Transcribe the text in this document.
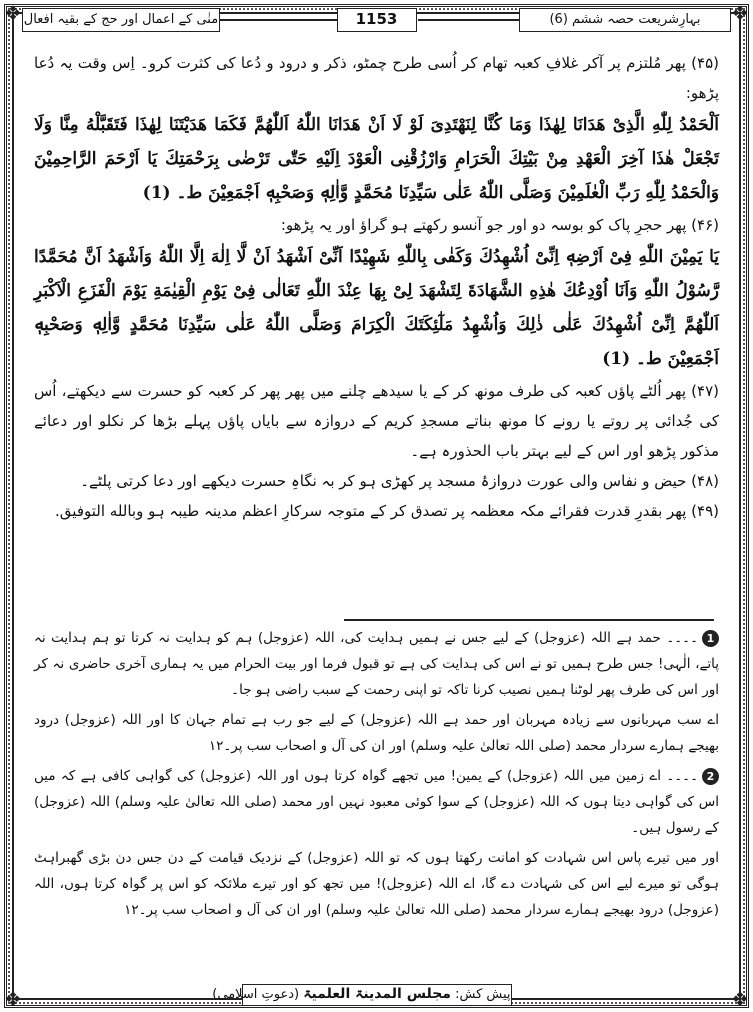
❖	❖
❖	❖
بہارِشریعت حصہ ششم (6)
1153
منٰی کے اعمال اور حج کے بقیہ افعال

(۴۵) پھر مُلتزم پر آکر غلافِ کعبہ تھام کر اُسی طرح چمٹو، ذکر و درود و دُعا کی کثرت کرو۔ اِس وقت یہ دُعا پڑھو:

اَلْحَمْدُ لِلّٰهِ الَّذِیْ هَدَانَا لِهٰذَا وَمَا كُنَّا لِنَهْتَدِیَ لَوْ لَا اَنْ هَدَانَا اللّٰهُ اَللّٰهُمَّ فَكَمَا هَدَيْتَنَا لِهٰذَا فَتَقَبَّلْهُ مِنَّا وَلَا تَجْعَلْ هٰذَا آخِرَ الْعَهْدِ مِنْ بَيْتِكَ الْحَرَامِ وَارْزُقْنِی الْعَوْدَ اِلَيْهِ حَتّٰى تَرْضٰى بِرَحْمَتِكَ يَا اَرْحَمَ الرَّاحِمِيْنَ وَالْحَمْدُ لِلّٰهِ رَبِّ الْعٰلَمِيْنَ وَصَلَّى اللّٰهُ عَلٰى سَيِّدِنَا مُحَمَّدٍ وَّاٰلِهٖ وَصَحْبِهٖ اَجْمَعِيْنَ ط۔ (1)

(۴۶) پھر حجرِ پاک کو بوسہ دو اور جو آنسو رکھتے ہو گراؤ اور یہ پڑھو:

يَا يَمِيْنَ اللّٰهِ فِیْ اَرْضِهٖ اِنِّیْ اُشْهِدُكَ وَكَفٰى بِاللّٰهِ شَهِيْدًا اَنِّیْ اَشْهَدُ اَنْ لَّا اِلٰهَ اِلَّا اللّٰهُ وَاَشْهَدُ اَنَّ مُحَمَّدًا رَّسُوْلُ اللّٰهِ وَاَنَا اُوْدِعُكَ هٰذِهِ الشَّهَادَةَ لِتَشْهَدَ لِیْ بِهَا عِنْدَ اللّٰهِ تَعَالٰى فِیْ يَوْمِ الْقِيٰمَةِ يَوْمَ الْفَزَعِ الْاَكْبَرِ اَللّٰهُمَّ اِنِّیْ اُشْهِدُكَ عَلٰى ذٰلِكَ وَاُشْهِدُ مَلٰٓئِكَتَكَ الْكِرَامَ وَصَلَّى اللّٰهُ عَلٰى سَيِّدِنَا مُحَمَّدٍ وَّاٰلِهٖ وَصَحْبِهٖ اَجْمَعِيْنَ ط۔ (1)

(۴۷) پھر اُلٹے پاؤں کعبہ کی طرف مونھ کر کے یا سیدھے چلنے میں پھر پھر کر کعبہ کو حسرت سے دیکھتے، اُس کی جُدائی پر روتے یا رونے کا مونھ بناتے مسجدِ کریم کے دروازہ سے بایاں پاؤں پہلے بڑھا کر نکلو اور دعائے مذکور پڑھو اور اس کے لیے بہتر باب الحذورہ ہے۔

(۴۸) حیض و نفاس والی عورت دروازۂ مسجد پر کھڑی ہو کر بہ نگاہِ حسرت دیکھے اور دعا کرتی پلٹے۔

(۴۹) پھر بقدرِ قدرت فقرائے مکہ معظمہ پر تصدق کر کے متوجہ سرکارِ اعظم مدینہ طیبہ ہو وبالله التوفيق.

1۔۔۔۔ حمد ہے اللہ (عزوجل) کے لیے جس نے ہمیں ہدایت کی، اللہ (عزوجل) ہم کو ہدایت نہ کرتا تو ہم ہدایت نہ پاتے، الٰہی! جس طرح ہمیں تو نے اس کی ہدایت کی ہے تو قبول فرما اور بیت الحرام میں یہ ہماری آخری حاضری نہ کر اور اس کی طرف پھر لوٹنا ہمیں نصیب کرنا تاکہ تو اپنی رحمت کے سبب راضی ہو جا۔

اے سب مہربانوں سے زیادہ مہربان اور حمد ہے اللہ (عزوجل) کے لیے جو رب ہے تمام جہان کا اور اللہ (عزوجل) درود بھیجے ہمارے سردار محمد (صلی اللہ تعالیٰ علیہ وسلم) اور ان کی آل و اصحاب سب پر۔۱۲

2۔۔۔۔ اے زمین میں اللہ (عزوجل) کے یمین! میں تجھے گواہ کرتا ہوں اور اللہ (عزوجل) کی گواہی کافی ہے کہ میں اس کی گواہی دیتا ہوں کہ اللہ (عزوجل) کے سوا کوئی معبود نہیں اور محمد (صلی اللہ تعالیٰ علیہ وسلم) اللہ (عزوجل) کے رسول ہیں۔

اور میں تیرے پاس اس شہادت کو امانت رکھتا ہوں کہ تو اللہ (عزوجل) کے نزدیک قیامت کے دن جس دن بڑی گھبراہٹ ہوگی تو میرے لیے اس کی شہادت دے گا، اے اللہ (عزوجل)! میں تجھ کو اور تیرے ملائکہ کو اس پر گواہ کرتا ہوں، اللہ (عزوجل) درود بھیجے ہمارے سردار محمد (صلی اللہ تعالیٰ علیہ وسلم) اور ان کی آل و اصحاب سب پر۔۱۲

پیش کش: مجلس المدینۃ العلمیۃ (دعوتِ اسلامی)
